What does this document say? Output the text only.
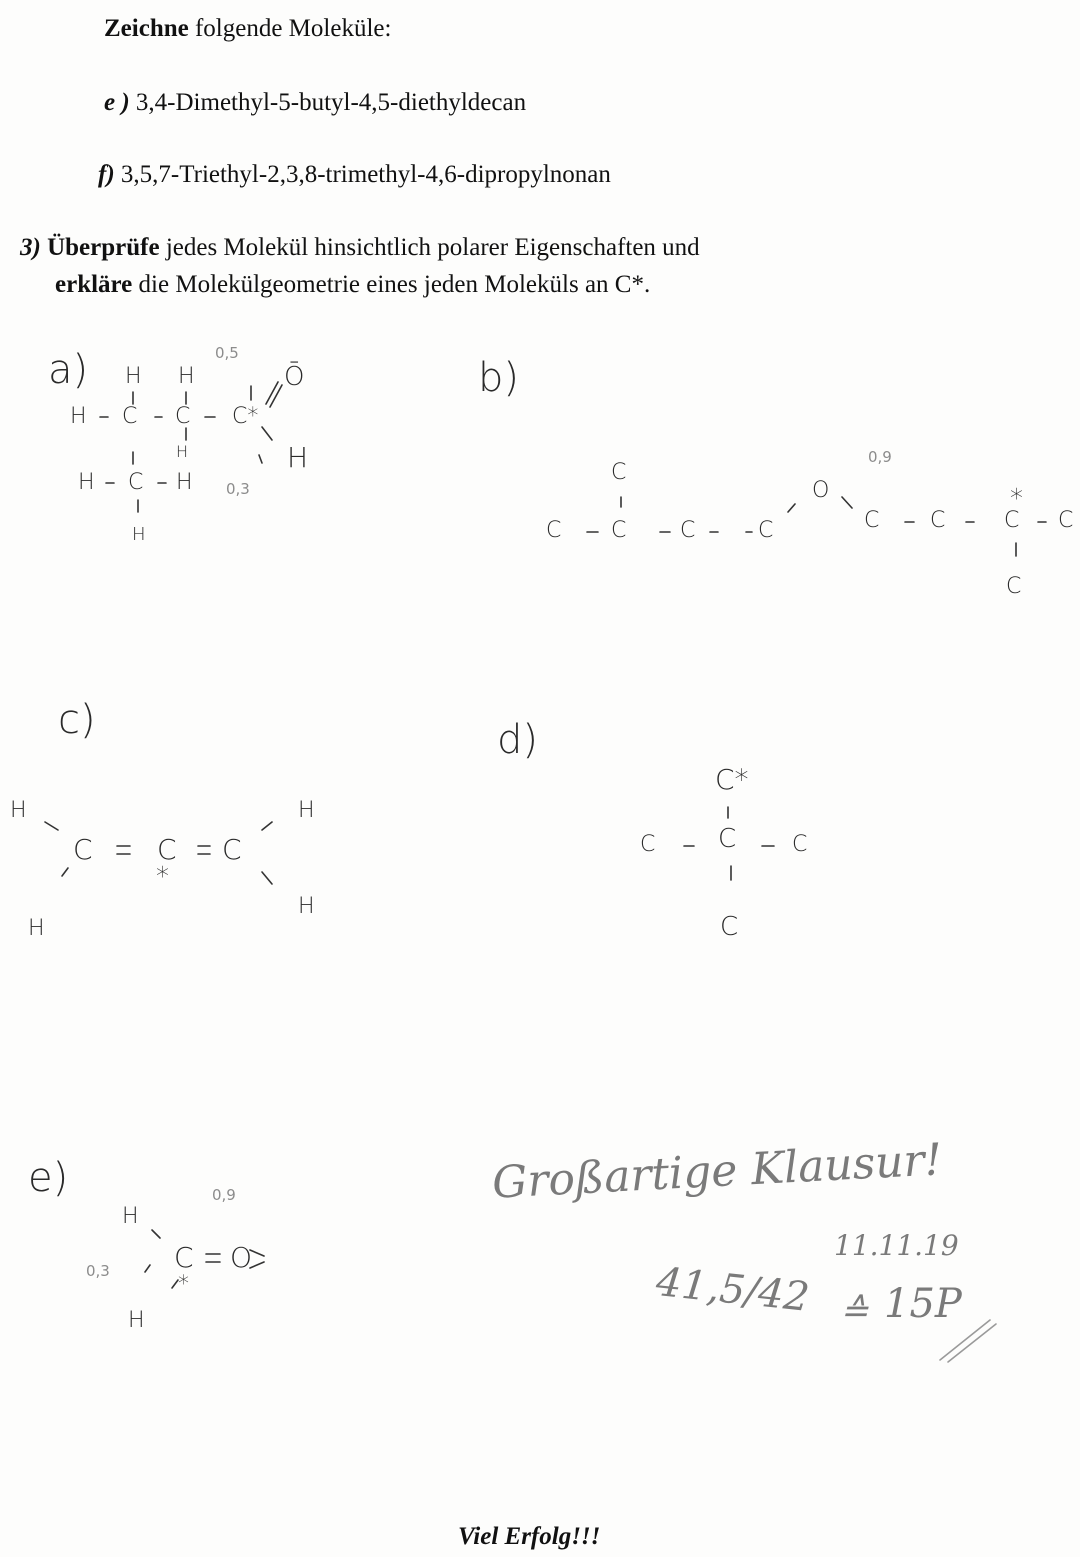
Zeichne folgende Moleküle:
e ) 3,4-Dimethyl-5-butyl-4,5-diethyldecan
f) 3,5,7-Triethyl-2,3,8-trimethyl-4,6-dipropylnonan
3) Überprüfe jedes Molekül hinsichtlich polarer Eigenschaften und
erkläre die Molekülgeometrie eines jeden Moleküls an C*.
a) H H
H C C C*
Ō
H	H
H C H
H
0,5
0,3
b)
C
C C C	C
O
C C	C
*
C
C
0,9
c)
H
C C
*
C
H
H
H
d)
C*
C C	C
C
e)
H
C
*
O
H
0,9
0,3
Großartige Klausur!
11.11.19
41,5/42 ≙ 15P
Viel Erfolg!!!
